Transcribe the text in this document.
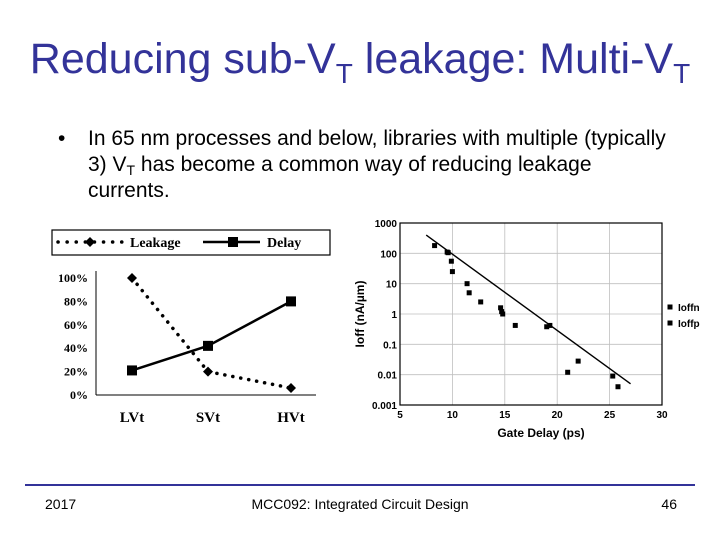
Reducing sub-$V_T$ leakage: Multi-$V_T$
• In 65 nm processes and below, libraries with multiple (typically 3) $V_T$ has become a common way of reducing leakage currents.
Leakage	Delay
0%
20%
40%
60%
80%
100%
LVt	SVt	HVt
0.001
0.01
0.1
1
10
100
1000
5	10	15	20	25	30
Ioffn
Ioffp
Gate Delay (ps)
Ioff (nA/µm)
2017	MCC092: Integrated Circuit Design	46
